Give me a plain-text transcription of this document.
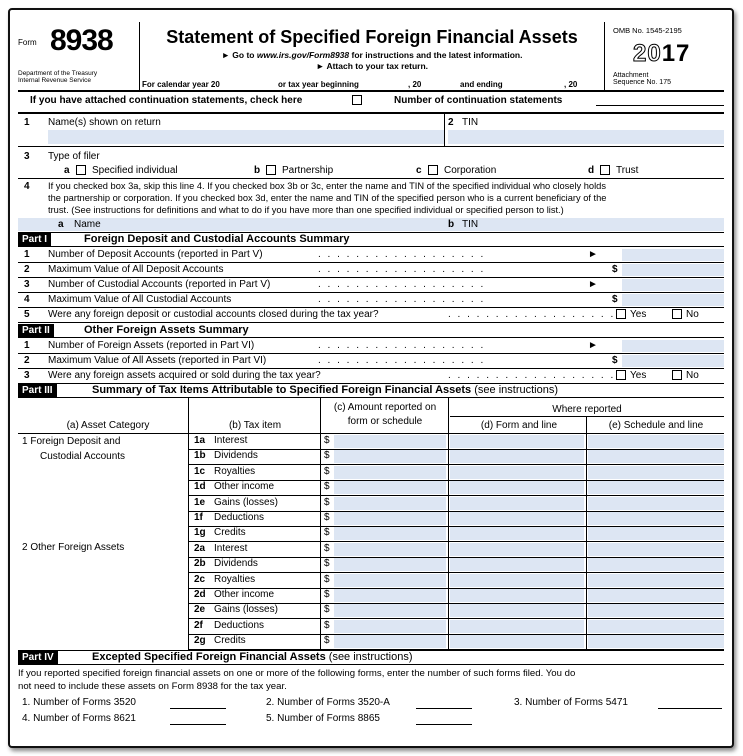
Form 8938
Department of the Treasury
Internal Revenue Service
Statement of Specified Foreign Financial Assets
► Go to www.irs.gov/Form8938 for instructions and the latest information.
► Attach to your tax return.
For calendar year 20	or tax year beginning	, 20	and ending	, 20
OMB No. 1545-2195
2017
Attachment
Sequence No. 175
If you have attached continuation statements, check here	Number of continuation statements
1 Name(s) shown on return	2 TIN
3 Type of filer
a Specified individual	b Partnership	c Corporation	d Trust
4 If you checked box 3a, skip this line 4. If you checked box 3b or 3c, enter the name and TIN of the specified individual who closely holds
the partnership or corporation. If you checked box 3d, enter the name and TIN of the specified person who is a current beneficiary of the
trust. (See instructions for definitions and what to do if you have more than one specified individual or specified person to list.)
a Name	b TIN
Part I	Foreign Deposit and Custodial Accounts Summary
1 Number of Deposit Accounts (reported in Part V)	. . . . . . . . . . . . . . . . . .	►
2 Maximum Value of All Deposit Accounts	. . . . . . . . . . . . . . . . . .	$
3 Number of Custodial Accounts (reported in Part V)	. . . . . . . . . . . . . . . . . .	►
4 Maximum Value of All Custodial Accounts	. . . . . . . . . . . . . . . . . .	$
5 Were any foreign deposit or custodial accounts closed during the tax year?	. . . . . . . . . . . . . . . . . .	Yes	No
Part II	Other Foreign Assets Summary
1 Number of Foreign Assets (reported in Part VI)	. . . . . . . . . . . . . . . . . .	►
2 Maximum Value of All Assets (reported in Part VI)	. . . . . . . . . . . . . . . . . .	$
3 Were any foreign assets acquired or sold during the tax year?	. . . . . . . . . . . . . . . . . .	Yes	No
Part III	Summary of Tax Items Attributable to Specified Foreign Financial Assets (see instructions)
(a) Asset Category	(b) Tax item
(c) Amount reported on
form or schedule
Where reported
(d) Form and line	(e) Schedule and line
1 Foreign Deposit and
Custodial Accounts
2 Other Foreign Assets
1a Interest	$
1b Dividends	$
1c Royalties	$
1d Other income	$
1e Gains (losses)	$
1f Deductions	$
1g Credits	$
2a Interest	$
2b Dividends	$
2c Royalties	$
2d Other income	$
2e Gains (losses)	$
2f Deductions	$
2g Credits	$
Part IV	Excepted Specified Foreign Financial Assets (see instructions)
If you reported specified foreign financial assets on one or more of the following forms, enter the number of such forms filed. You do
not need to include these assets on Form 8938 for the tax year.
1. Number of Forms 3520	2. Number of Forms 3520-A	3. Number of Forms 5471
4. Number of Forms 8621	5. Number of Forms 8865
